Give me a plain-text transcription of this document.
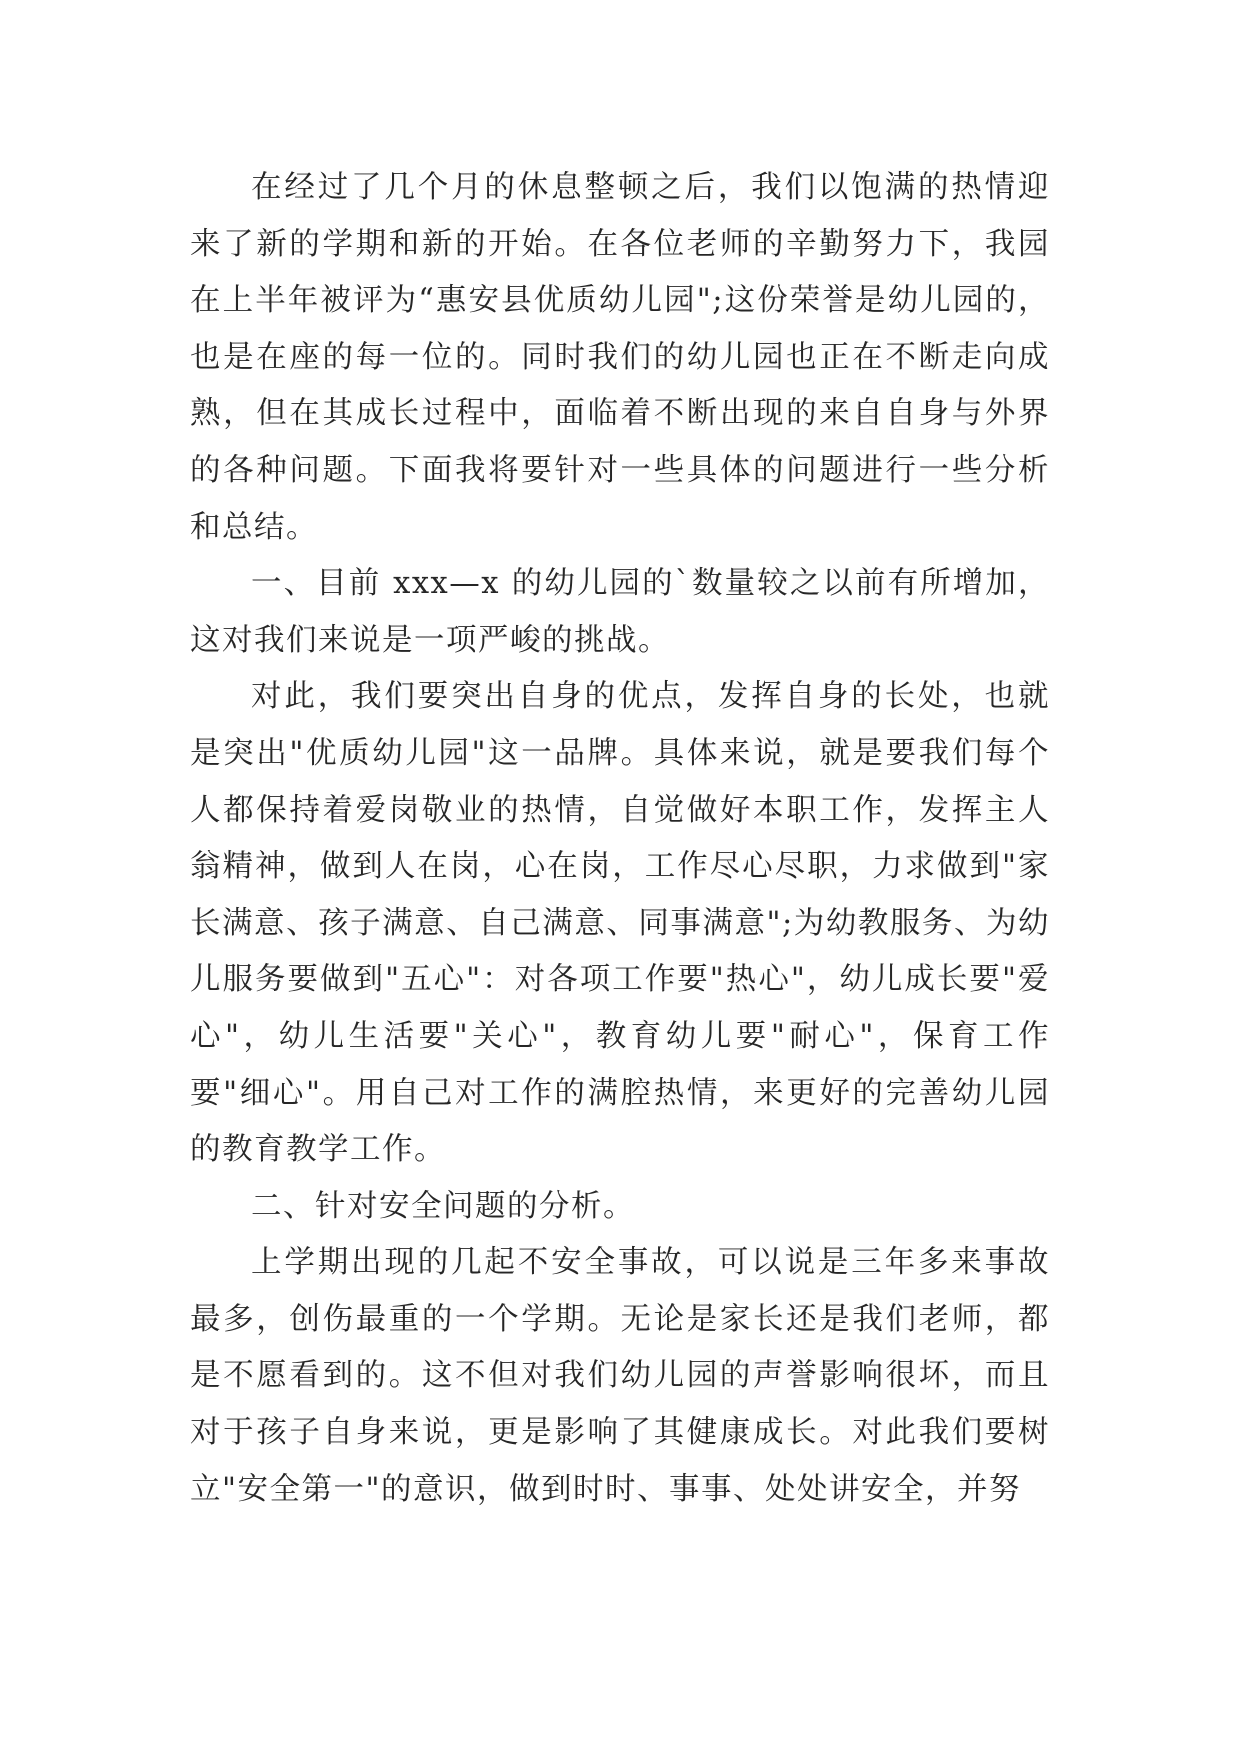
在经过了几个月的休息整顿之后，我们以饱满的热情迎来了新的学期和新的开始。在各位老师的辛勤努力下，我园在上半年被评为“惠安县优质幼儿园";这份荣誉是幼儿园的，也是在座的每一位的。同时我们的幼儿园也正在不断走向成熟，但在其成长过程中，面临着不断出现的来自自身与外界的各种问题。下面我将要针对一些具体的问题进行一些分析和总结。

一、目前 xxx—x 的幼儿园的`数量较之以前有所增加，这对我们来说是一项严峻的挑战。

对此，我们要突出自身的优点，发挥自身的长处，也就是突出"优质幼儿园"这一品牌。具体来说，就是要我们每个人都保持着爱岗敬业的热情，自觉做好本职工作，发挥主人翁精神，做到人在岗，心在岗，工作尽心尽职，力求做到"家长满意、孩子满意、自己满意、同事满意";为幼教服务、为幼儿服务要做到"五心"：对各项工作要"热心"，幼儿成长要"爱心"，幼儿生活要"关心"，教育幼儿要"耐心"，保育工作要"细心"。用自己对工作的满腔热情，来更好的完善幼儿园的教育教学工作。

二、针对安全问题的分析。

上学期出现的几起不安全事故，可以说是三年多来事故最多，创伤最重的一个学期。无论是家长还是我们老师，都是不愿看到的。这不但对我们幼儿园的声誉影响很坏，而且对于孩子自身来说，更是影响了其健康成长。对此我们要树立"安全第一"的意识，做到时时、事事、处处讲安全，并努
